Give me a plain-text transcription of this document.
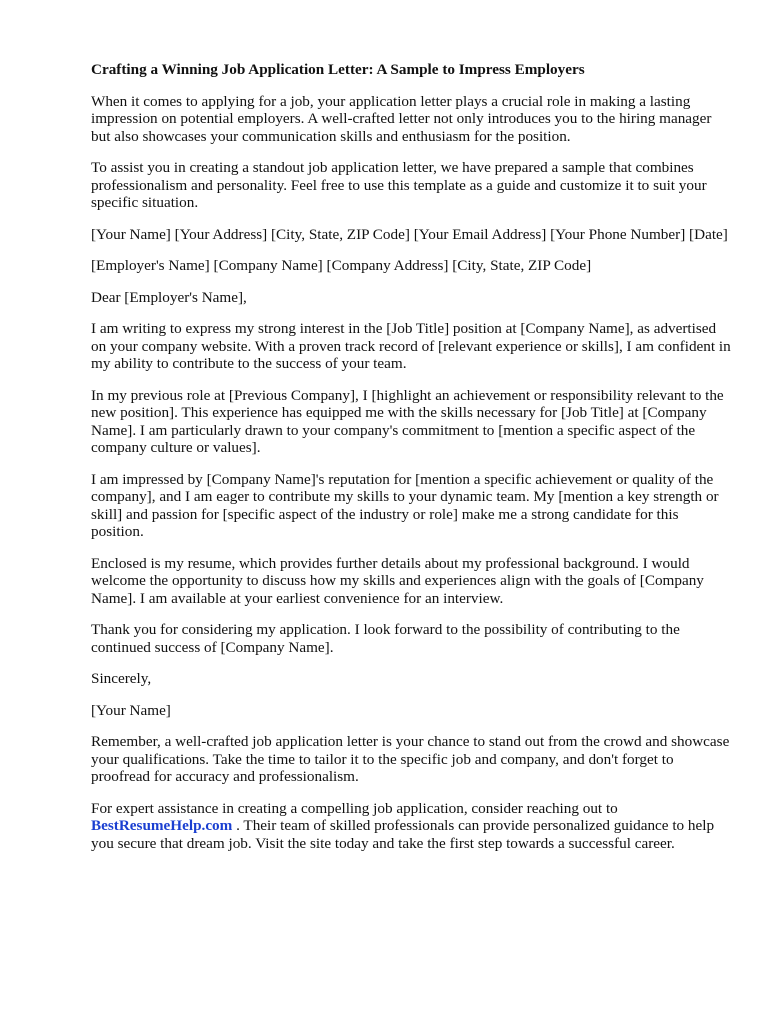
Crafting a Winning Job Application Letter: A Sample to Impress Employers
When it comes to applying for a job, your application letter plays a crucial role in making a lasting impression on potential employers. A well-crafted letter not only introduces you to the hiring manager but also showcases your communication skills and enthusiasm for the position.
To assist you in creating a standout job application letter, we have prepared a sample that combines professionalism and personality. Feel free to use this template as a guide and customize it to suit your specific situation.
[Your Name] [Your Address] [City, State, ZIP Code] [Your Email Address] [Your Phone Number] [Date]
[Employer's Name] [Company Name] [Company Address] [City, State, ZIP Code]
Dear [Employer's Name],
I am writing to express my strong interest in the [Job Title] position at [Company Name], as advertised on your company website. With a proven track record of [relevant experience or skills], I am confident in my ability to contribute to the success of your team.
In my previous role at [Previous Company], I [highlight an achievement or responsibility relevant to the new position]. This experience has equipped me with the skills necessary for [Job Title] at [Company Name]. I am particularly drawn to your company's commitment to [mention a specific aspect of the company culture or values].
I am impressed by [Company Name]'s reputation for [mention a specific achievement or quality of the company], and I am eager to contribute my skills to your dynamic team. My [mention a key strength or skill] and passion for [specific aspect of the industry or role] make me a strong candidate for this position.
Enclosed is my resume, which provides further details about my professional background. I would welcome the opportunity to discuss how my skills and experiences align with the goals of [Company Name]. I am available at your earliest convenience for an interview.
Thank you for considering my application. I look forward to the possibility of contributing to the continued success of [Company Name].
Sincerely,
[Your Name]
Remember, a well-crafted job application letter is your chance to stand out from the crowd and showcase your qualifications. Take the time to tailor it to the specific job and company, and don't forget to proofread for accuracy and professionalism.
For expert assistance in creating a compelling job application, consider reaching out to BestResumeHelp.com . Their team of skilled professionals can provide personalized guidance to help you secure that dream job. Visit the site today and take the first step towards a successful career.
